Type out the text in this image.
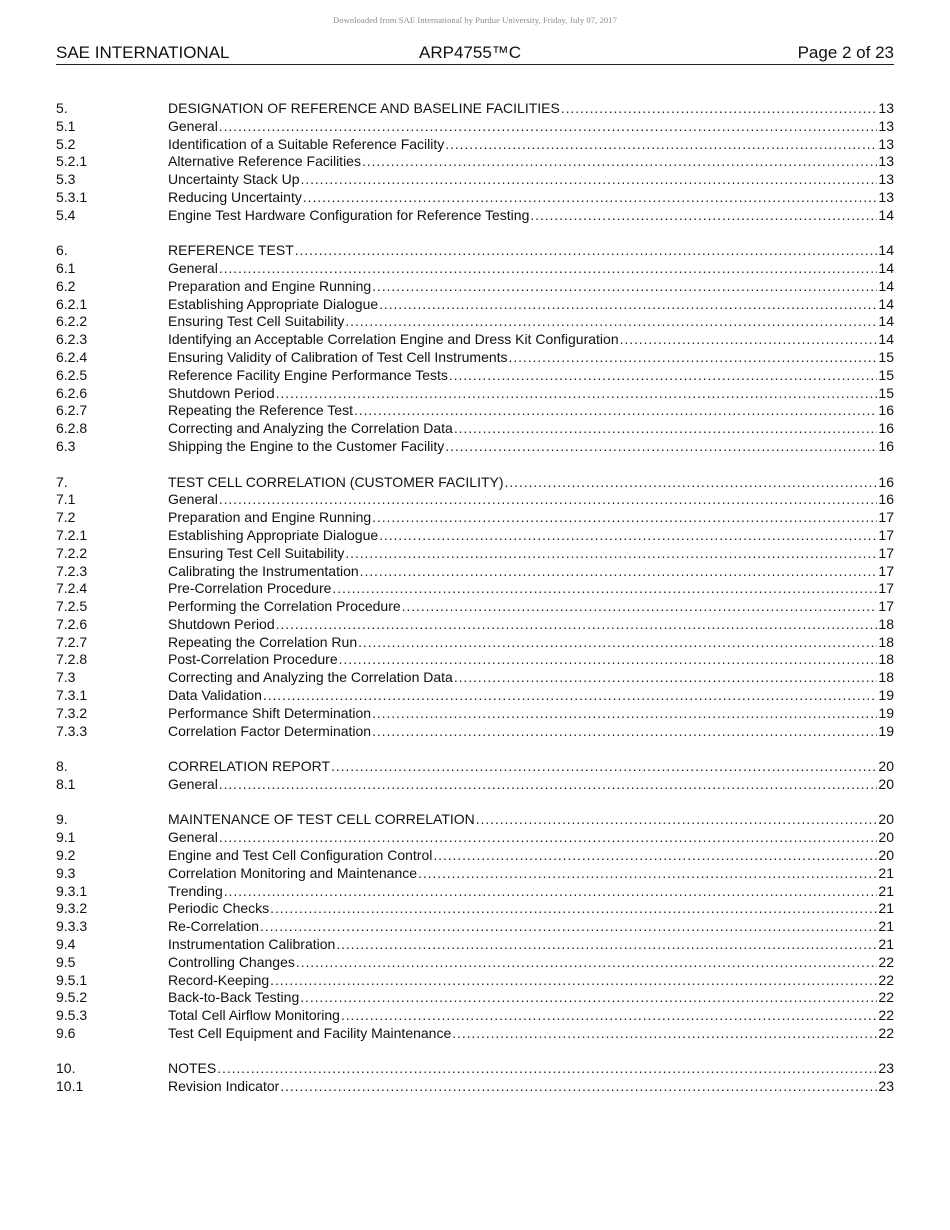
Downloaded from SAE International by Purdue University, Friday, July 07, 2017
SAE INTERNATIONAL	ARP4755™C	Page 2 of 23
5.	DESIGNATION OF REFERENCE AND BASELINE FACILITIES .....	13
5.1	General .....	13
5.2	Identification of a Suitable Reference Facility .....	13
5.2.1	Alternative Reference Facilities .....	13
5.3	Uncertainty Stack Up .....	13
5.3.1	Reducing Uncertainty .....	13
5.4	Engine Test Hardware Configuration for Reference Testing .....	14
6.	REFERENCE TEST .....	14
6.1	General .....	14
6.2	Preparation and Engine Running .....	14
6.2.1	Establishing Appropriate Dialogue .....	14
6.2.2	Ensuring Test Cell Suitability .....	14
6.2.3	Identifying an Acceptable Correlation Engine and Dress Kit Configuration .....	14
6.2.4	Ensuring Validity of Calibration of Test Cell Instruments .....	15
6.2.5	Reference Facility Engine Performance Tests .....	15
6.2.6	Shutdown Period .....	15
6.2.7	Repeating the Reference Test .....	16
6.2.8	Correcting and Analyzing the Correlation Data .....	16
6.3	Shipping the Engine to the Customer Facility .....	16
7.	TEST CELL CORRELATION (CUSTOMER FACILITY) .....	16
7.1	General .....	16
7.2	Preparation and Engine Running .....	17
7.2.1	Establishing Appropriate Dialogue .....	17
7.2.2	Ensuring Test Cell Suitability .....	17
7.2.3	Calibrating the Instrumentation .....	17
7.2.4	Pre-Correlation Procedure .....	17
7.2.5	Performing the Correlation Procedure .....	17
7.2.6	Shutdown Period .....	18
7.2.7	Repeating the Correlation Run .....	18
7.2.8	Post-Correlation Procedure .....	18
7.3	Correcting and Analyzing the Correlation Data .....	18
7.3.1	Data Validation .....	19
7.3.2	Performance Shift Determination .....	19
7.3.3	Correlation Factor Determination .....	19
8.	CORRELATION REPORT .....	20
8.1	General .....	20
9.	MAINTENANCE OF TEST CELL CORRELATION .....	20
9.1	General .....	20
9.2	Engine and Test Cell Configuration Control .....	20
9.3	Correlation Monitoring and Maintenance .....	21
9.3.1	Trending .....	21
9.3.2	Periodic Checks .....	21
9.3.3	Re-Correlation .....	21
9.4	Instrumentation Calibration .....	21
9.5	Controlling Changes .....	22
9.5.1	Record-Keeping .....	22
9.5.2	Back-to-Back Testing .....	22
9.5.3	Total Cell Airflow Monitoring .....	22
9.6	Test Cell Equipment and Facility Maintenance .....	22
10.	NOTES .....	23
10.1	Revision Indicator .....	23
